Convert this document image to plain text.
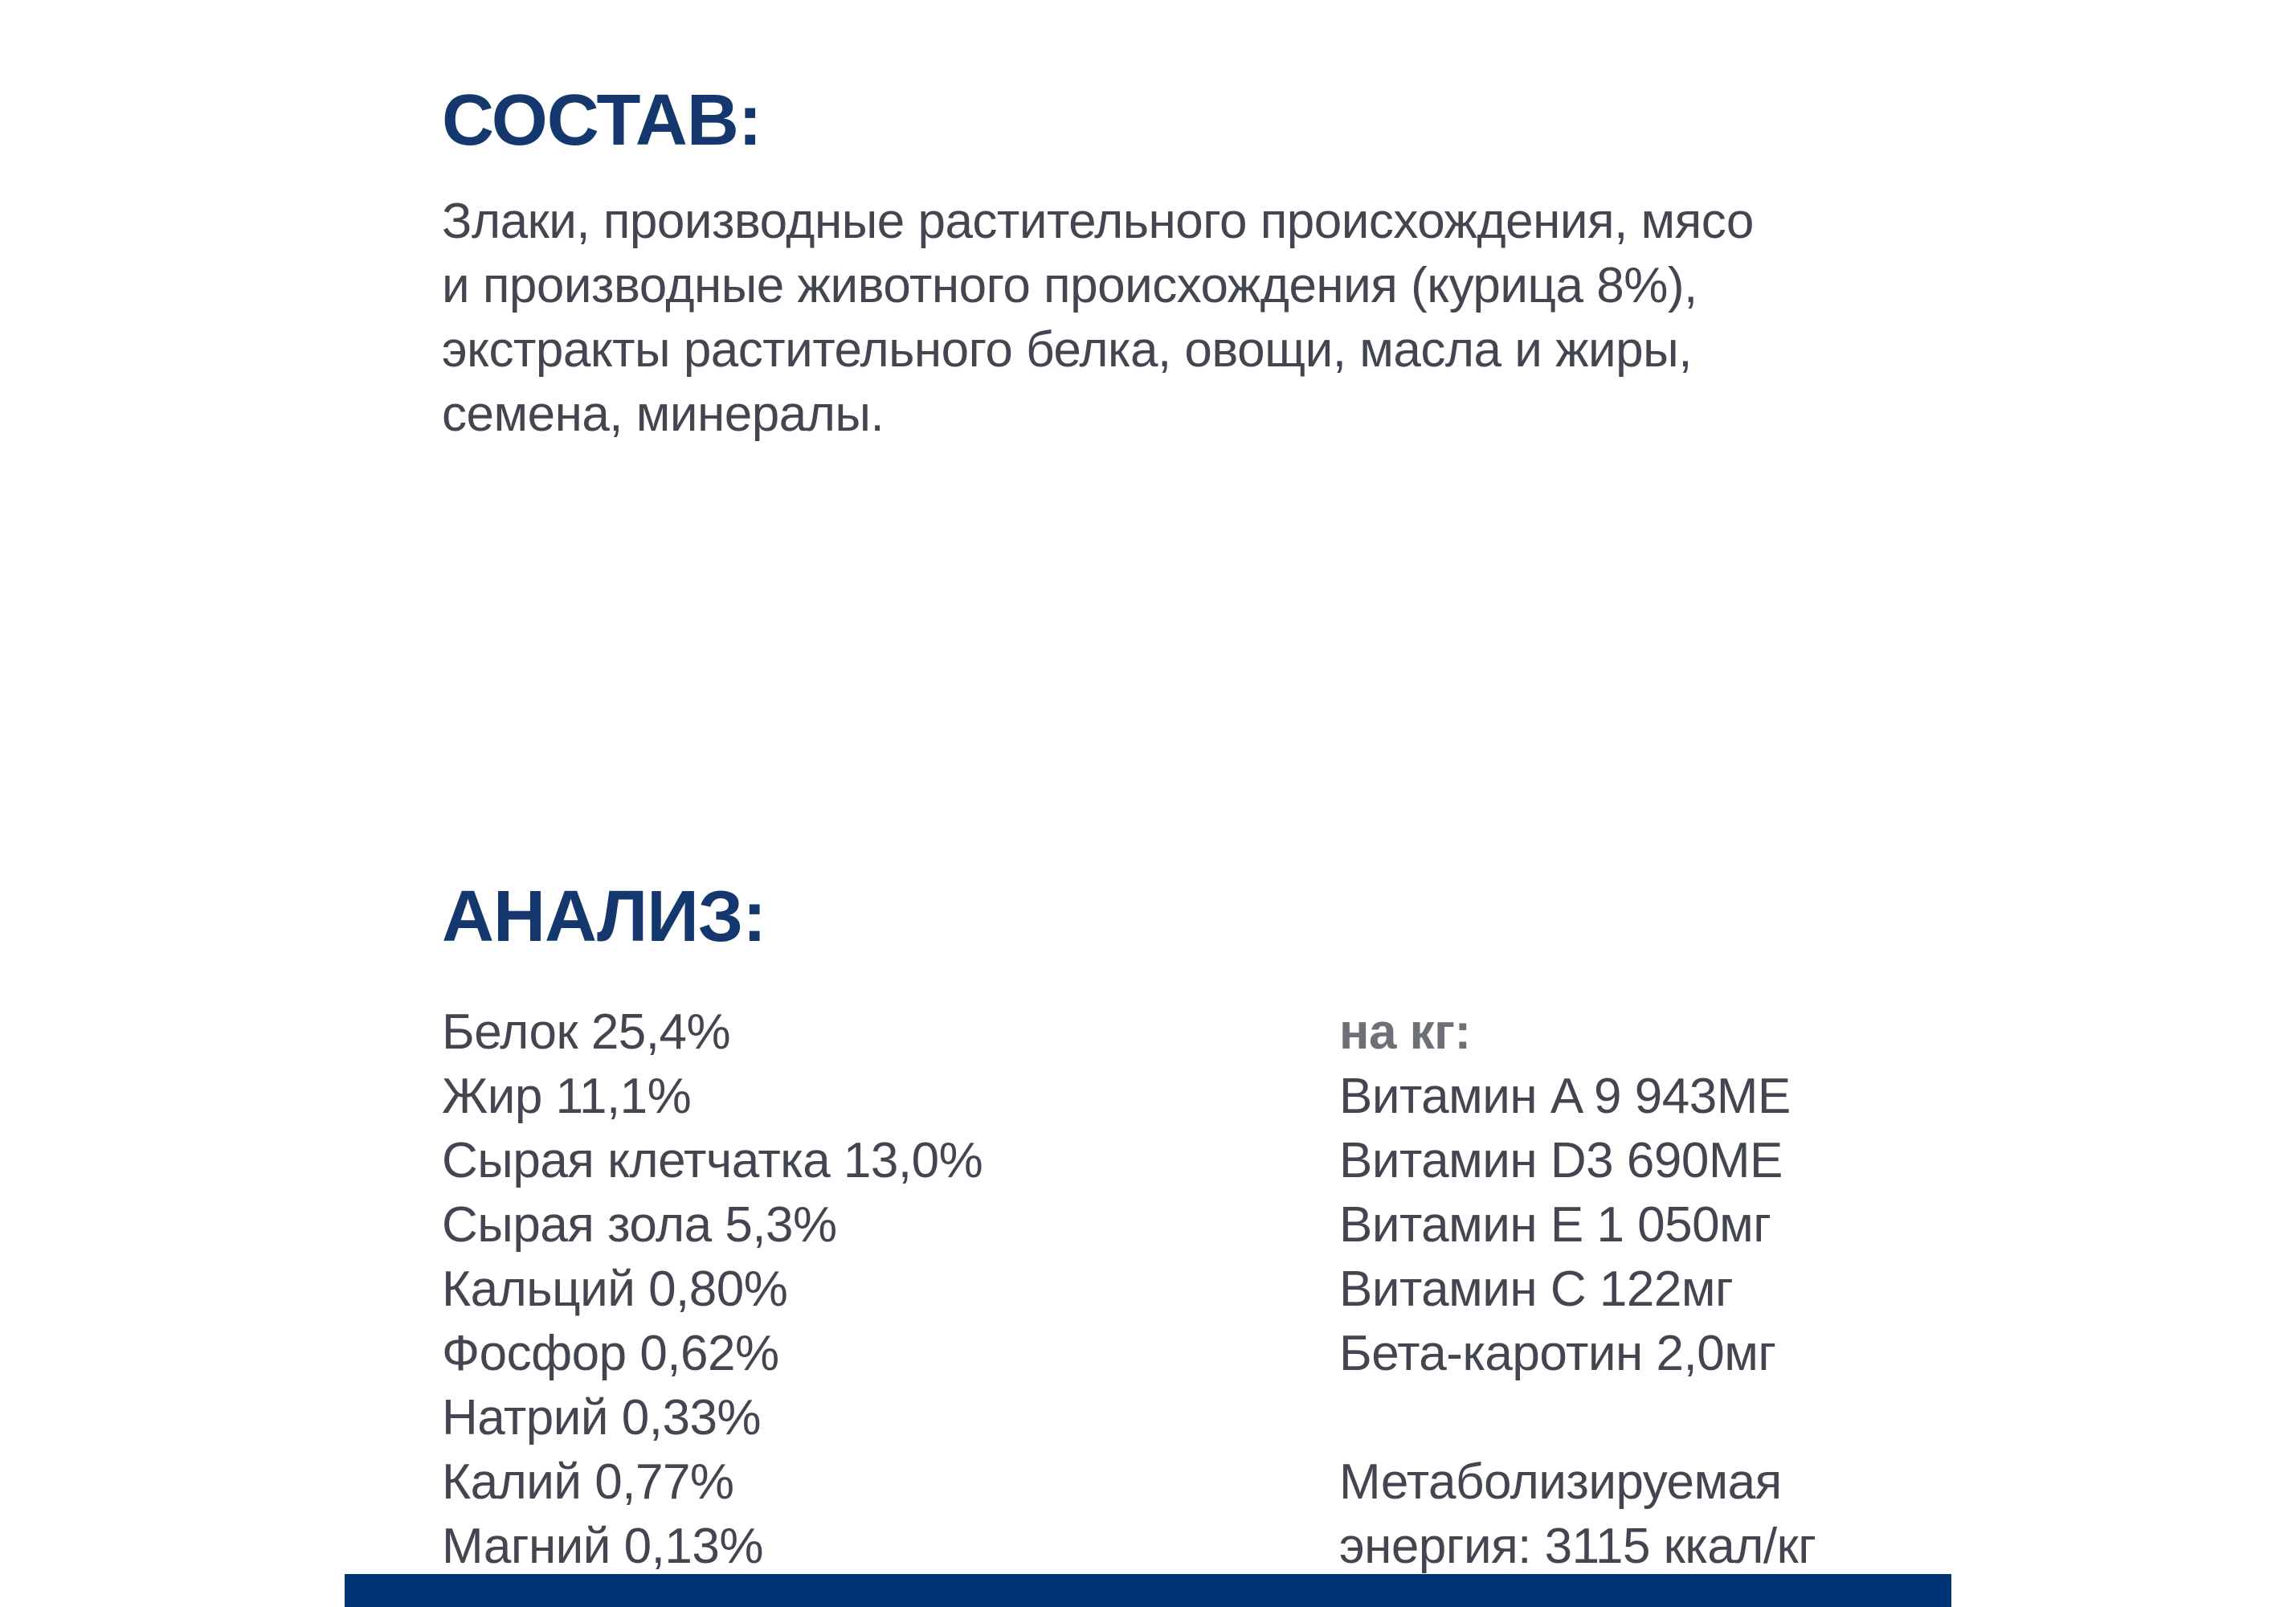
СОСТАВ:
Злаки, производные растительного происхождения, мясо
и производные животного происхождения (курица 8%),
экстракты растительного белка, овощи, масла и жиры,
семена, минералы.
АНАЛИЗ:
Белок 25,4%
Жир 11,1%
Сырая клетчатка 13,0%
Сырая зола 5,3%
Кальций 0,80%
Фосфор 0,62%
Натрий 0,33%
Калий 0,77%
Магний 0,13%
на кг:
Витамин A 9 943МЕ
Витамин D3 690МЕ
Витамин E 1 050мг
Витамин C 122мг
Бета-каротин 2,0мг
Метаболизируемая
энергия: 3115 ккал/кг
